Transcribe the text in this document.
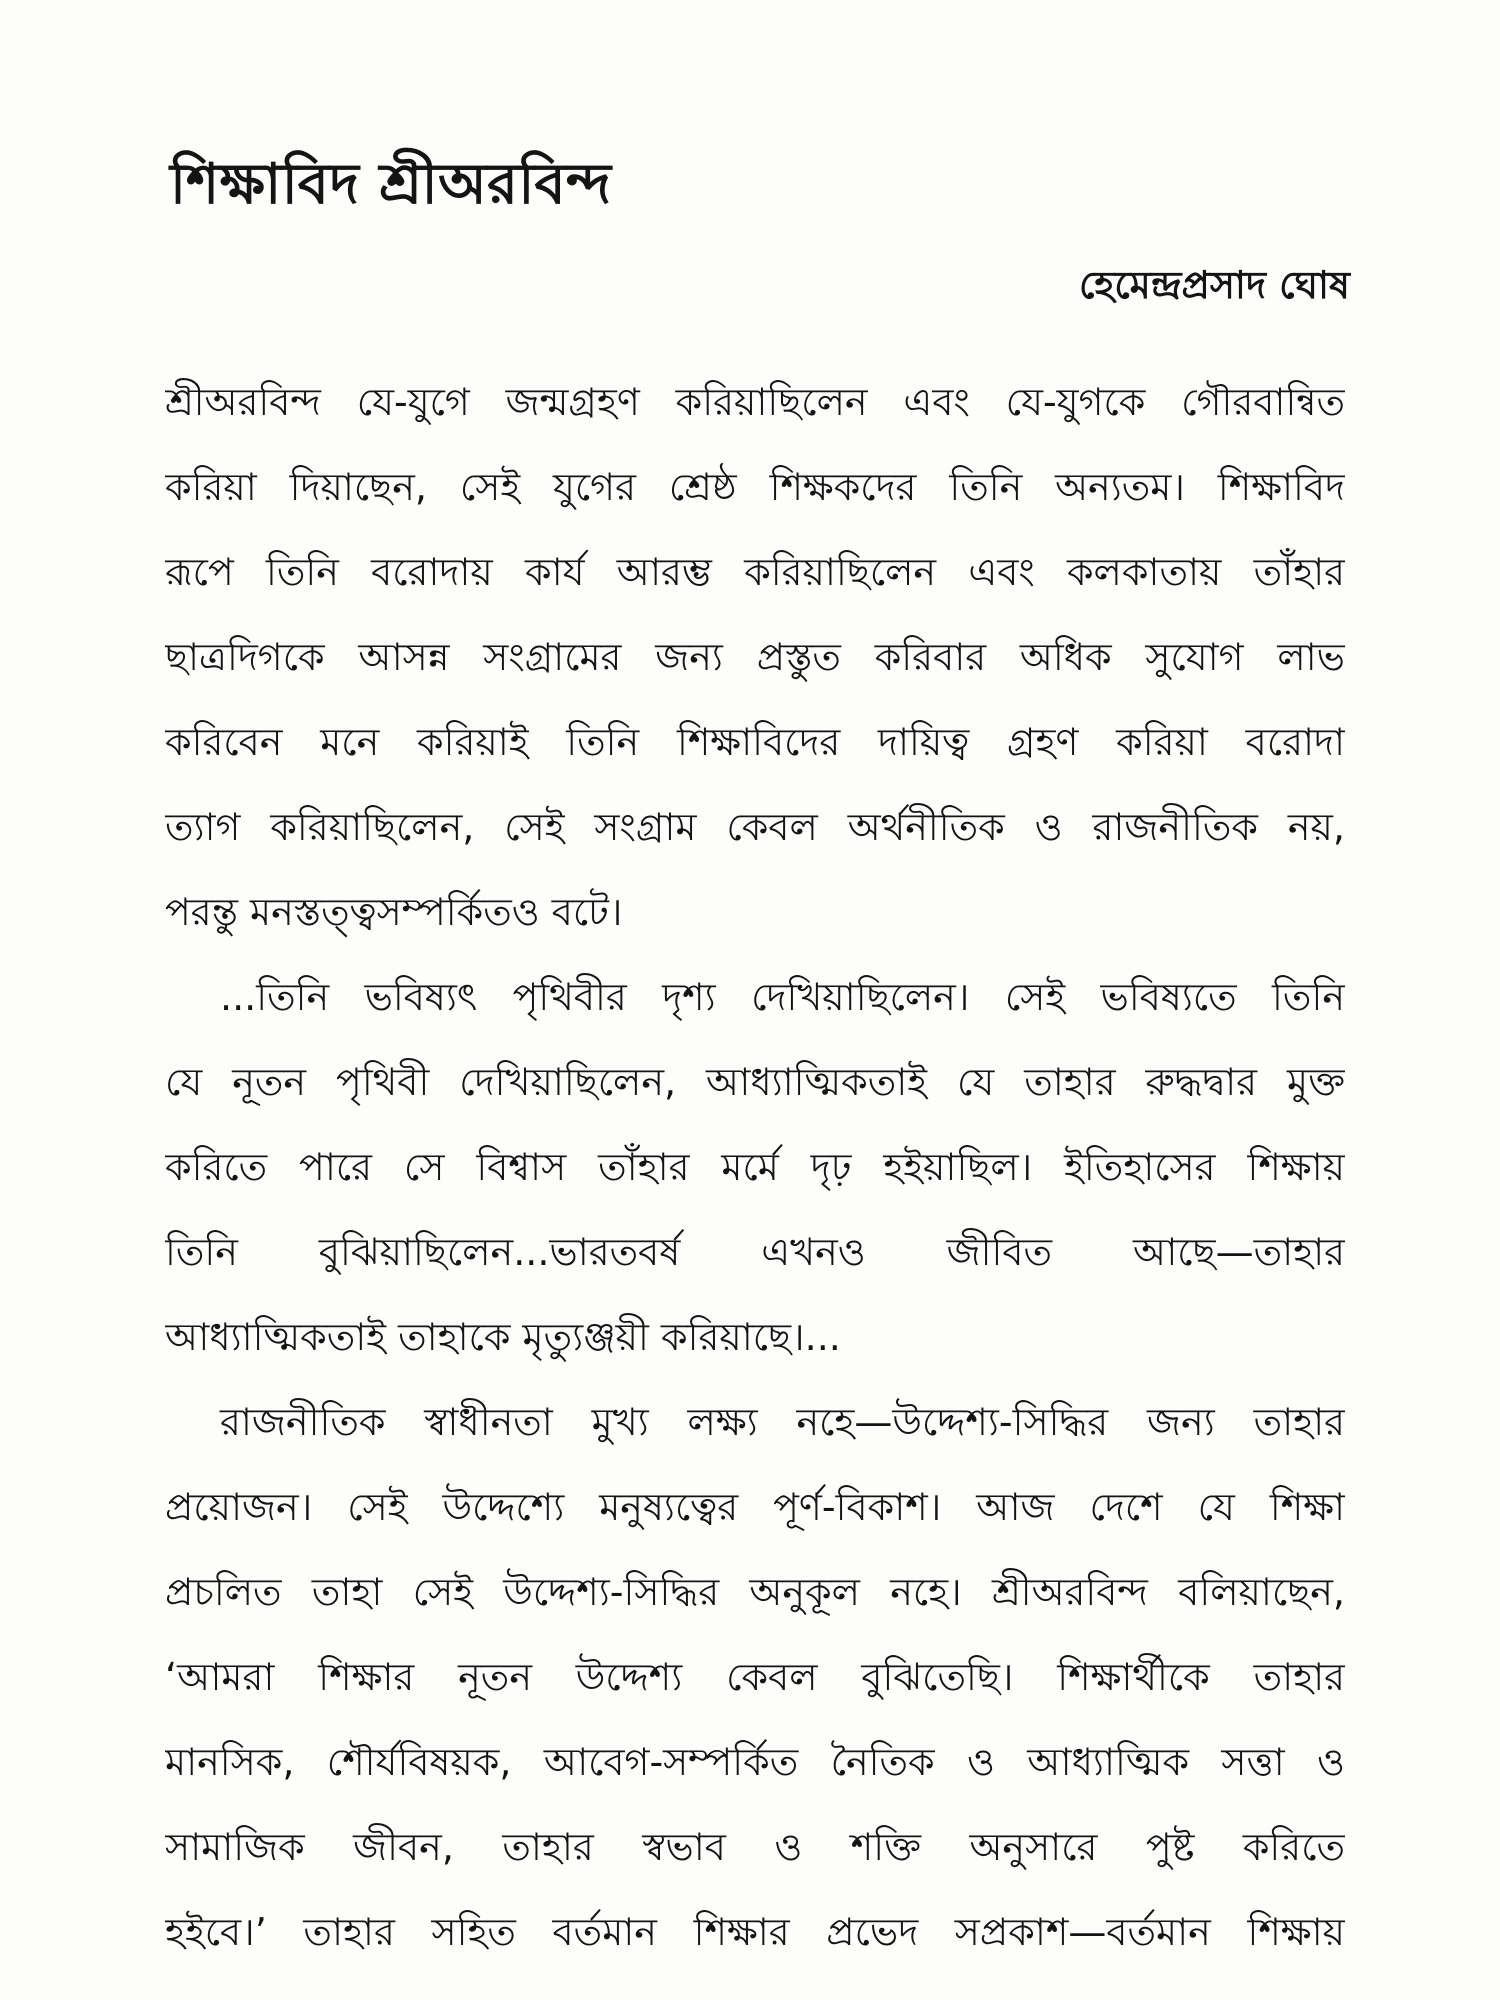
শিক্ষাবিদ শ্রীঅরবিন্দ
হেমেন্দ্রপ্রসাদ ঘোষ
শ্রীঅরবিন্দ যে-যুগে জন্মগ্রহণ করিয়াছিলেন এবং যে-যুগকে গৌরবান্বিত
করিয়া দিয়াছেন, সেই যুগের শ্রেষ্ঠ শিক্ষকদের তিনি অন্যতম। শিক্ষাবিদ
রূপে তিনি বরোদায় কার্য আরম্ভ করিয়াছিলেন এবং কলকাতায় তাঁহার
ছাত্রদিগকে আসন্ন সংগ্রামের জন্য প্রস্তুত করিবার অধিক সুযোগ লাভ
করিবেন মনে করিয়াই তিনি শিক্ষাবিদের দায়িত্ব গ্রহণ করিয়া বরোদা
ত্যাগ করিয়াছিলেন, সেই সংগ্রাম কেবল অর্থনীতিক ও রাজনীতিক নয়,
পরন্তু মনস্তত্ত্বসম্পর্কিতও বটে।
...তিনি ভবিষ্যৎ পৃথিবীর দৃশ্য দেখিয়াছিলেন। সেই ভবিষ্যতে তিনি
যে নূতন পৃথিবী দেখিয়াছিলেন, আধ্যাত্মিকতাই যে তাহার রুদ্ধদ্বার মুক্ত
করিতে পারে সে বিশ্বাস তাঁহার মর্মে দৃঢ় হইয়াছিল। ইতিহাসের শিক্ষায়
তিনি বুঝিয়াছিলেন...ভারতবর্ষ এখনও জীবিত আছে—তাহার
আধ্যাত্মিকতাই তাহাকে মৃত্যুঞ্জয়ী করিয়াছে।...
রাজনীতিক স্বাধীনতা মুখ্য লক্ষ্য নহে—উদ্দেশ্য-সিদ্ধির জন্য তাহার
প্রয়োজন। সেই উদ্দেশ্যে মনুষ্যত্বের পূর্ণ-বিকাশ। আজ দেশে যে শিক্ষা
প্রচলিত তাহা সেই উদ্দেশ্য-সিদ্ধির অনুকূল নহে। শ্রীঅরবিন্দ বলিয়াছেন,
‘আমরা শিক্ষার নূতন উদ্দেশ্য কেবল বুঝিতেছি। শিক্ষার্থীকে তাহার
মানসিক, শৌর্যবিষয়ক, আবেগ-সম্পর্কিত নৈতিক ও আধ্যাত্মিক সত্তা ও
সামাজিক জীবন, তাহার স্বভাব ও শক্তি অনুসারে পুষ্ট করিতে
হইবে।’ তাহার সহিত বর্তমান শিক্ষার প্রভেদ সপ্রকাশ—বর্তমান শিক্ষায়
